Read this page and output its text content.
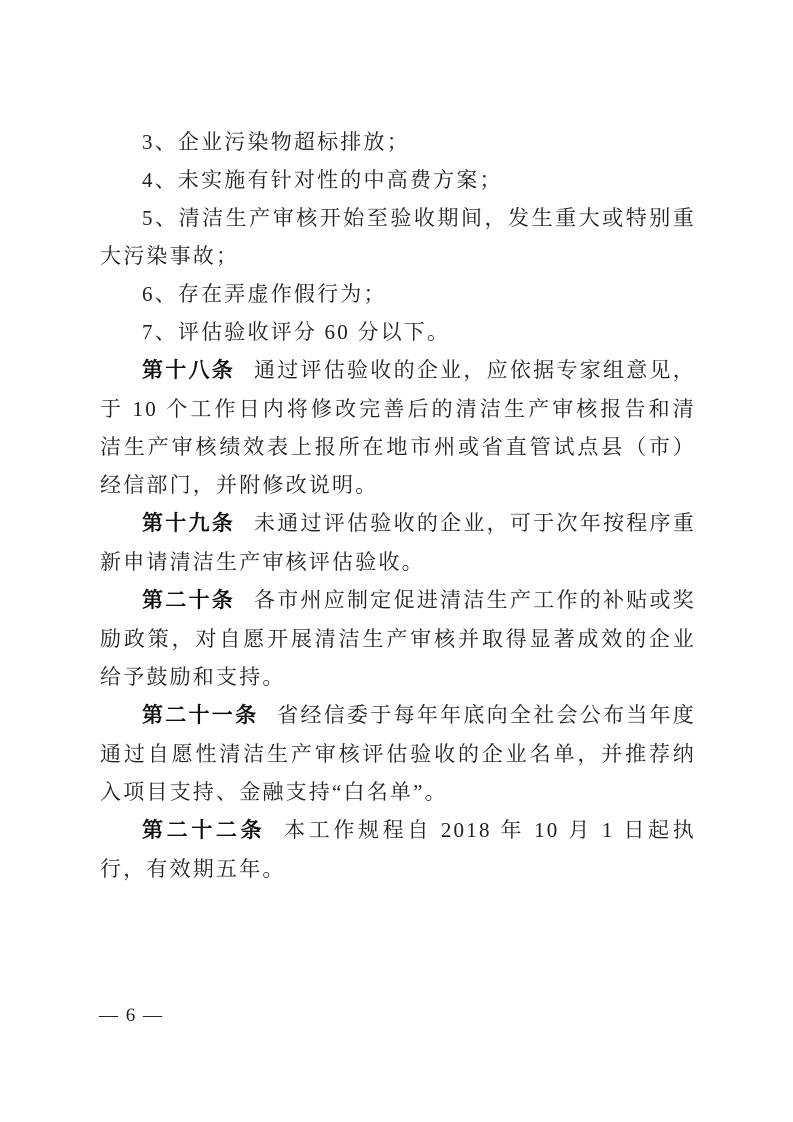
3、企业污染物超标排放；

4、未实施有针对性的中高费方案；

5、清洁生产审核开始至验收期间，发生重大或特别重大污染事故；

6、存在弄虚作假行为；

7、评估验收评分 60 分以下。

第十八条 通过评估验收的企业，应依据专家组意见，于 10 个工作日内将修改完善后的清洁生产审核报告和清洁生产审核绩效表上报所在地市州或省直管试点县（市）经信部门，并附修改说明。

第十九条 未通过评估验收的企业，可于次年按程序重新申请清洁生产审核评估验收。

第二十条 各市州应制定促进清洁生产工作的补贴或奖励政策，对自愿开展清洁生产审核并取得显著成效的企业给予鼓励和支持。

第二十一条 省经信委于每年年底向全社会公布当年度通过自愿性清洁生产审核评估验收的企业名单，并推荐纳入项目支持、金融支持“白名单”。

第二十二条 本工作规程自 2018 年 10 月 1 日起执行，有效期五年。

— 6 —
